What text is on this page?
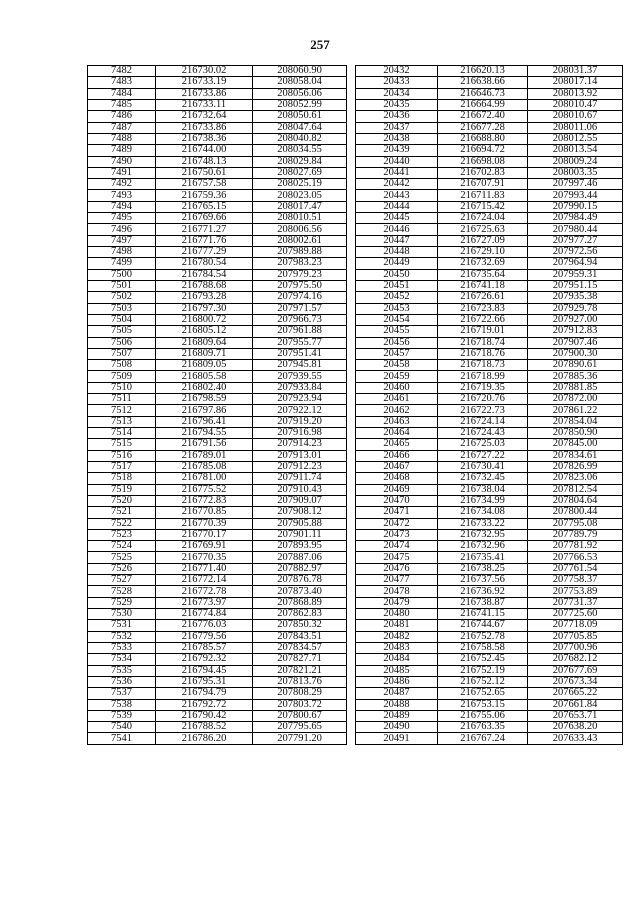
257
7482	216730.02	208060.90		20432	216620.13	208031.37
7483	216733.19	208058.04		20433	216638.66	208017.14
7484	216733.86	208056.06		20434	216646.73	208013.92
7485	216733.11	208052.99		20435	216664.99	208010.47
7486	216732.64	208050.61		20436	216672.40	208010.67
7487	216733.86	208047.64		20437	216677.28	208011.06
7488	216738.36	208040.82		20438	216688.80	208012.55
7489	216744.00	208034.55		20439	216694.72	208013.54
7490	216748.13	208029.84		20440	216698.08	208009.24
7491	216750.61	208027.69		20441	216702.83	208003.35
7492	216757.58	208025.19		20442	216707.91	207997.46
7493	216759.36	208023.05		20443	216711.83	207993.44
7494	216765.15	208017.47		20444	216715.42	207990.15
7495	216769.66	208010.51		20445	216724.04	207984.49
7496	216771.27	208006.56		20446	216725.63	207980.44
7497	216771.76	208002.61		20447	216727.09	207977.27
7498	216777.29	207989.88		20448	216729.10	207972.56
7499	216780.54	207983.23		20449	216732.69	207964.94
7500	216784.54	207979.23		20450	216735.64	207959.31
7501	216788.68	207975.50		20451	216741.18	207951.15
7502	216793.28	207974.16		20452	216726.61	207935.38
7503	216797.30	207971.57		20453	216723.83	207929.78
7504	216800.72	207966.73		20454	216722.66	207927.00
7505	216805.12	207961.88		20455	216719.01	207912.83
7506	216809.64	207955.77		20456	216718.74	207907.46
7507	216809.71	207951.41		20457	216718.76	207900.30
7508	216809.05	207945.81		20458	216718.73	207890.61
7509	216805.58	207939.55		20459	216718.99	207885.36
7510	216802.40	207933.84		20460	216719.35	207881.85
7511	216798.59	207923.94		20461	216720.76	207872.00
7512	216797.86	207922.12		20462	216722.73	207861.22
7513	216796.41	207919.20		20463	216724.14	207854.04
7514	216794.55	207916.98		20464	216724.43	207850.90
7515	216791.56	207914.23		20465	216725.03	207845.00
7516	216789.01	207913.01		20466	216727.22	207834.61
7517	216785.08	207912.23		20467	216730.41	207826.99
7518	216781.00	207911.74		20468	216732.45	207823.06
7519	216775.52	207910.43		20469	216738.04	207812.54
7520	216772.83	207909.07		20470	216734.99	207804.64
7521	216770.85	207908.12		20471	216734.08	207800.44
7522	216770.39	207905.88		20472	216733.22	207795.08
7523	216770.17	207901.11		20473	216732.95	207789.79
7524	216769.91	207893.95		20474	216732.96	207781.92
7525	216770.35	207887.06		20475	216735.41	207766.53
7526	216771.40	207882.97		20476	216738.25	207761.54
7527	216772.14	207876.78		20477	216737.56	207758.37
7528	216772.78	207873.40		20478	216736.92	207753.89
7529	216773.97	207868.89		20479	216738.87	207731.37
7530	216774.84	207862.83		20480	216741.15	207725.60
7531	216776.03	207850.32		20481	216744.67	207718.09
7532	216779.56	207843.51		20482	216752.78	207705.85
7533	216785.57	207834.57		20483	216758.58	207700.96
7534	216792.32	207827.71		20484	216752.45	207682.12
7535	216794.45	207821.21		20485	216752.19	207677.69
7536	216795.31	207813.76		20486	216752.12	207673.34
7537	216794.79	207808.29		20487	216752.65	207665.22
7538	216792.72	207803.72		20488	216753.15	207661.84
7539	216790.42	207800.67		20489	216755.06	207653.71
7540	216788.52	207795.65		20490	216763.35	207638.20
7541	216786.20	207791.20		20491	216767.24	207633.43
